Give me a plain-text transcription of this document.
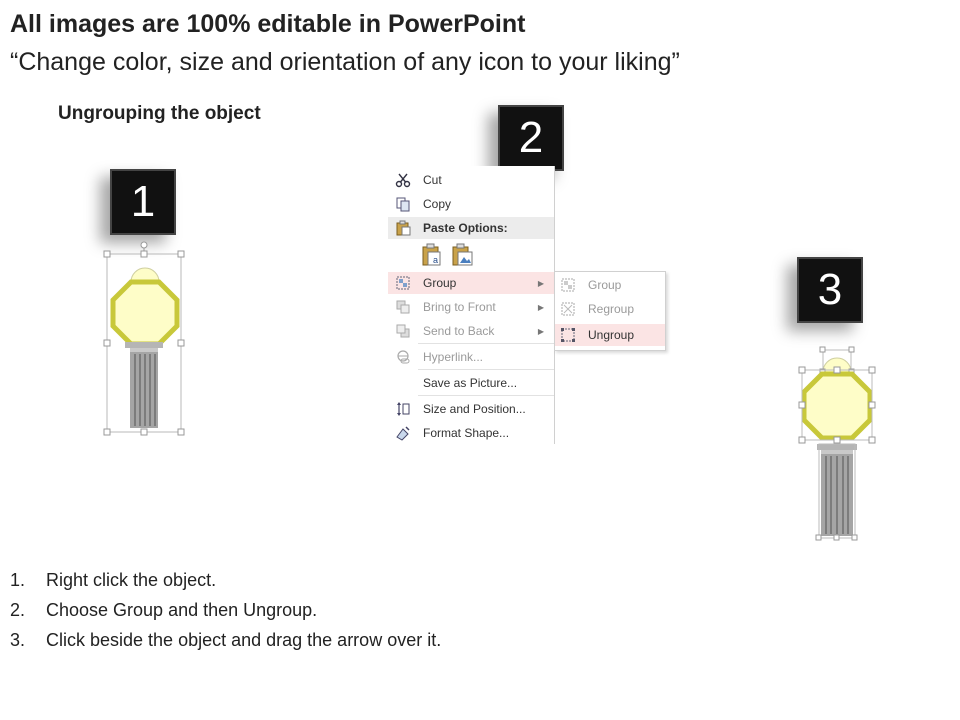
All images are 100% editable in PowerPoint
“Change color, size and orientation of any icon to your liking”
Ungrouping the object
1
2
3
Cut
Copy
Paste Options:
a
Group	▶
Bring to Front	▶
Send to Back	▶
Hyperlink...
Save as Picture...
Size and Position...
Format Shape...
Group
Regroup
Ungroup
1. Right click the object.
2. Choose Group and then Ungroup.
3. Click beside the object and drag the arrow over it.
